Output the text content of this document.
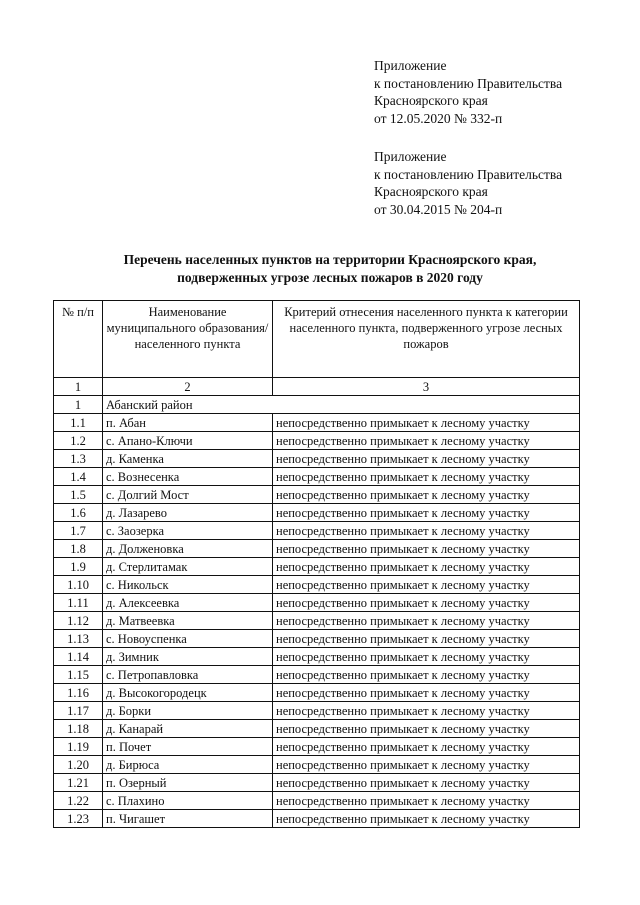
Приложение
к постановлению Правительства
Красноярского края
от 12.05.2020 № 332-п
Приложение
к постановлению Правительства
Красноярского края
от 30.04.2015 № 204-п
Перечень населенных пунктов на территории Красноярского края,
подверженных угрозе лесных пожаров в 2020 году
№ п/п	Наименование муниципального образования/населенного пункта	Критерий отнесения населенного пункта к категории населенного пункта, подверженного угрозе лесных пожаров
1	2	3
1	Абанский район	
1.1	п. Абан	непосредственно примыкает к лесному участку
1.2	с. Апано-Ключи	непосредственно примыкает к лесному участку
1.3	д. Каменка	непосредственно примыкает к лесному участку
1.4	с. Вознесенка	непосредственно примыкает к лесному участку
1.5	с. Долгий Мост	непосредственно примыкает к лесному участку
1.6	д. Лазарево	непосредственно примыкает к лесному участку
1.7	с. Заозерка	непосредственно примыкает к лесному участку
1.8	д. Долженовка	непосредственно примыкает к лесному участку
1.9	д. Стерлитамак	непосредственно примыкает к лесному участку
1.10	с. Никольск	непосредственно примыкает к лесному участку
1.11	д. Алексеевка	непосредственно примыкает к лесному участку
1.12	д. Матвеевка	непосредственно примыкает к лесному участку
1.13	с. Новоуспенка	непосредственно примыкает к лесному участку
1.14	д. Зимник	непосредственно примыкает к лесному участку
1.15	с. Петропавловка	непосредственно примыкает к лесному участку
1.16	д. Высокогородецк	непосредственно примыкает к лесному участку
1.17	д. Борки	непосредственно примыкает к лесному участку
1.18	д. Канарай	непосредственно примыкает к лесному участку
1.19	п. Почет	непосредственно примыкает к лесному участку
1.20	д. Бирюса	непосредственно примыкает к лесному участку
1.21	п. Озерный	непосредственно примыкает к лесному участку
1.22	с. Плахино	непосредственно примыкает к лесному участку
1.23	п. Чигашет	непосредственно примыкает к лесному участку
